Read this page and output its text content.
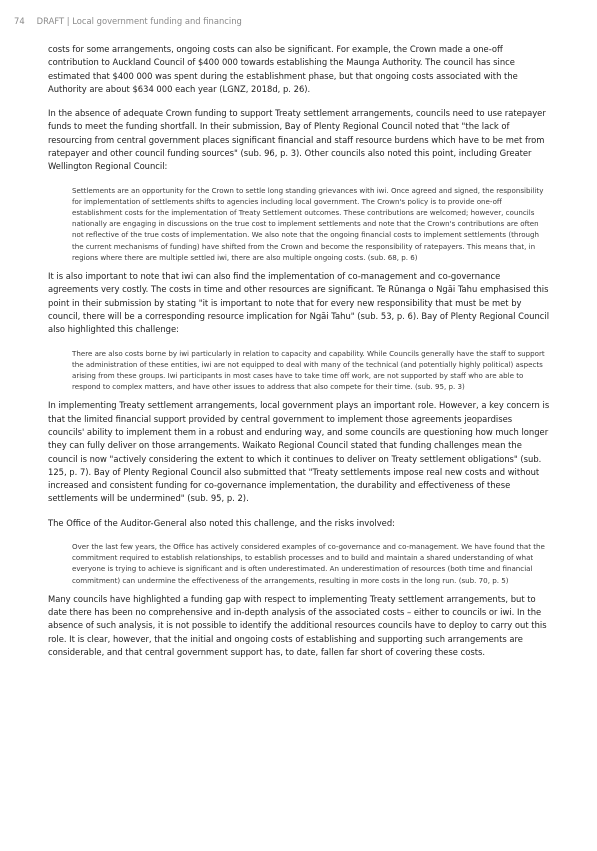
74 DRAFT | Local government funding and financing

costs for some arrangements, ongoing costs can also be significant. For example, the Crown made a one-off contribution to Auckland Council of $400 000 towards establishing the Maunga Authority. The council has since estimated that $400 000 was spent during the establishment phase, but that ongoing costs associated with the Authority are about $634 000 each year (LGNZ, 2018d, p. 26).

In the absence of adequate Crown funding to support Treaty settlement arrangements, councils need to use ratepayer funds to meet the funding shortfall. In their submission, Bay of Plenty Regional Council noted that "the lack of resourcing from central government places significant financial and staff resource burdens which have to be met from ratepayer and other council funding sources" (sub. 96, p. 3). Other councils also noted this point, including Greater Wellington Regional Council:

Settlements are an opportunity for the Crown to settle long standing grievances with iwi. Once agreed and signed, the responsibility for implementation of settlements shifts to agencies including local government. The Crown's policy is to provide one-off establishment costs for the implementation of Treaty Settlement outcomes. These contributions are welcomed; however, councils nationally are engaging in discussions on the true cost to implement settlements and note that the Crown's contributions are often not reflective of the true costs of implementation. We also note that the ongoing financial costs to implement settlements (through the current mechanisms of funding) have shifted from the Crown and become the responsibility of ratepayers. This means that, in regions where there are multiple settled iwi, there are also multiple ongoing costs. (sub. 68, p. 6)

It is also important to note that iwi can also find the implementation of co-management and co-governance agreements very costly. The costs in time and other resources are significant. Te Rūnanga o Ngāi Tahu emphasised this point in their submission by stating "it is important to note that for every new responsibility that must be met by council, there will be a corresponding resource implication for Ngāi Tahu" (sub. 53, p. 6). Bay of Plenty Regional Council also highlighted this challenge:

There are also costs borne by iwi particularly in relation to capacity and capability. While Councils generally have the staff to support the administration of these entities, iwi are not equipped to deal with many of the technical (and potentially highly political) aspects arising from these groups. Iwi participants in most cases have to take time off work, are not supported by staff who are able to respond to complex matters, and have other issues to address that also compete for their time. (sub. 95, p. 3)

In implementing Treaty settlement arrangements, local government plays an important role. However, a key concern is that the limited financial support provided by central government to implement those agreements jeopardises councils' ability to implement them in a robust and enduring way, and some councils are questioning how much longer they can fully deliver on those arrangements. Waikato Regional Council stated that funding challenges mean the council is now "actively considering the extent to which it continues to deliver on Treaty settlement obligations" (sub. 125, p. 7). Bay of Plenty Regional Council also submitted that "Treaty settlements impose real new costs and without increased and consistent funding for co-governance implementation, the durability and effectiveness of these settlements will be undermined" (sub. 95, p. 2).

The Office of the Auditor-General also noted this challenge, and the risks involved:

Over the last few years, the Office has actively considered examples of co-governance and co-management. We have found that the commitment required to establish relationships, to establish processes and to build and maintain a shared understanding of what everyone is trying to achieve is significant and is often underestimated. An underestimation of resources (both time and financial commitment) can undermine the effectiveness of the arrangements, resulting in more costs in the long run. (sub. 70, p. 5)

Many councils have highlighted a funding gap with respect to implementing Treaty settlement arrangements, but to date there has been no comprehensive and in-depth analysis of the associated costs – either to councils or iwi. In the absence of such analysis, it is not possible to identify the additional resources councils have to deploy to carry out this role. It is clear, however, that the initial and ongoing costs of establishing and supporting such arrangements are considerable, and that central government support has, to date, fallen far short of covering these costs.
